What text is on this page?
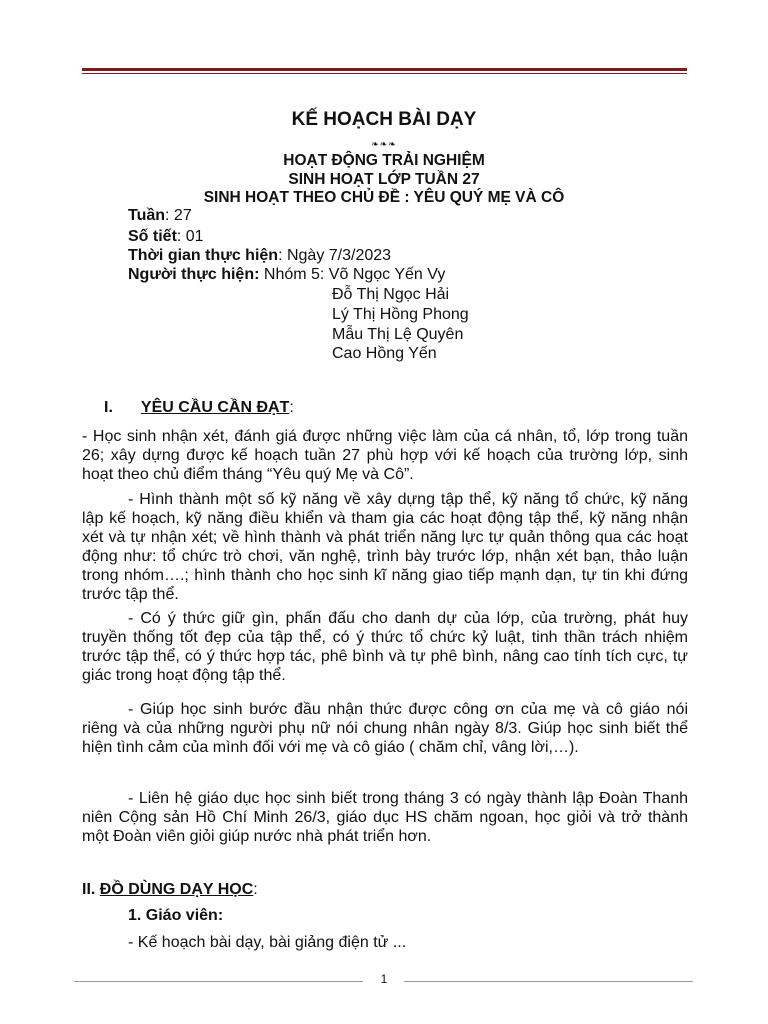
KẾ HOẠCH BÀI DẠY
❧❧❧
HOẠT ĐỘNG TRẢI NGHIỆM
SINH HOẠT LỚP TUẦN 27
SINH HOẠT THEO CHỦ ĐỀ : YÊU QUÝ MẸ VÀ CÔ
Tuần: 27
Số tiết: 01
Thời gian thực hiện: Ngày 7/3/2023
Người thực hiện: Nhóm 5: Võ Ngọc Yến Vy
Đỗ Thị Ngọc Hải
Lý Thị Hồng Phong
Mẫu Thị Lệ Quyên
Cao Hồng Yến
I. YÊU CẦU CẦN ĐẠT:
- Học sinh nhận xét, đánh giá được những việc làm của cá nhân, tổ, lớp trong tuần 26; xây dựng được kế hoạch tuần 27 phù hợp với kế hoạch của trường lớp, sinh hoạt theo chủ điểm tháng “Yêu quý Mẹ và Cô”.
- Hình thành một số kỹ năng về xây dựng tập thể, kỹ năng tổ chức, kỹ năng lập kế hoạch, kỹ năng điều khiển và tham gia các hoạt động tập thể, kỹ năng nhận xét và tự nhận xét; về hình thành và phát triển năng lực tự quản thông qua các hoạt động như: tổ chức trò chơi, văn nghệ, trình bày trước lớp, nhận xét bạn, thảo luận trong nhóm….; hình thành cho học sinh kĩ năng giao tiếp mạnh dạn, tự tin khi đứng trước tập thể.
- Có ý thức giữ gìn, phấn đấu cho danh dự của lớp, của trường, phát huy truyền thống tốt đẹp của tập thể, có ý thức tổ chức kỷ luật, tinh thần trách nhiệm trước tập thể, có ý thức hợp tác, phê bình và tự phê bình, nâng cao tính tích cực, tự giác trong hoạt động tập thể.
- Giúp học sinh bước đầu nhận thức được công ơn của mẹ và cô giáo nói riêng và của những người phụ nữ nói chung nhân ngày 8/3. Giúp học sinh biết thể hiện tình cảm của mình đối với mẹ và cô giáo ( chăm chỉ, vâng lời,…).
- Liên hệ giáo dục học sinh biết trong tháng 3 có ngày thành lập Đoàn Thanh niên Cộng sản Hồ Chí Minh 26/3, giáo dục HS chăm ngoan, học giỏi và trở thành một Đoàn viên giỏi giúp nước nhà phát triển hơn.
II. ĐỒ DÙNG DẠY HỌC:
1. Giáo viên:
- Kế hoạch bài dạy, bài giảng điện tử ...
1
